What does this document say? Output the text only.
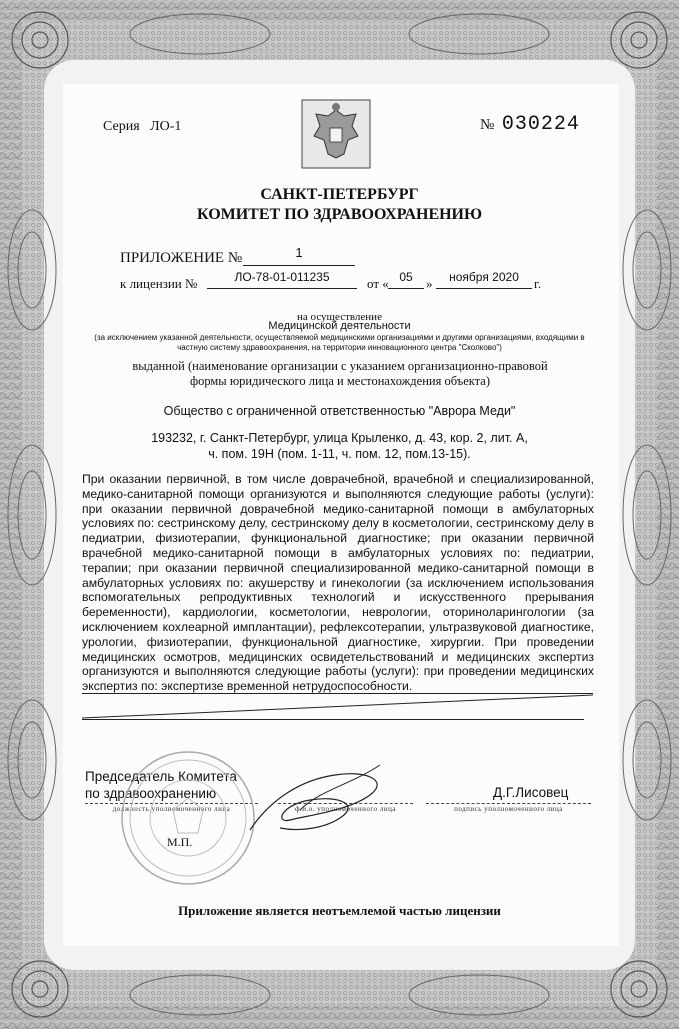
Серия ЛО-1	№ 030224
САНКТ-ПЕТЕРБУРГ
КОМИТЕТ ПО ЗДРАВООХРАНЕНИЮ
ПРИЛОЖЕНИЕ №	1
к лицензии №	ЛО-78-01-011235	от « 05	»	ноября 2020	г.
на осуществление
Медицинской деятельности
(за исключением указанной деятельности, осуществляемой медицинскими организациями и другими организациями, входящими в частную систему здравоохранения, на территории инновационного центра "Сколково")
выданной (наименование организации с указанием организационно-правовой формы юридического лица и местонахождения объекта)
Общество с ограниченной ответственностью "Аврора Меди"
193232, г. Санкт-Петербург, улица Крыленко, д. 43, кор. 2, лит. А,
ч. пом. 19Н (пом. 1-11, ч. пом. 12, пом.13-15).
При оказании первичной, в том числе доврачебной, врачебной и специализированной, медико-санитарной помощи организуются и выполняются следующие работы (услуги): при оказании первичной доврачебной медико-санитарной помощи в амбулаторных условиях по: сестринскому делу, сестринскому делу в косметологии, сестринскому делу в педиатрии, физиотерапии, функциональной диагностике; при оказании первичной врачебной медико-санитарной помощи в амбулаторных условиях по: педиатрии, терапии; при оказании первичной специализированной медико-санитарной помощи в амбулаторных условиях по: акушерству и гинекологии (за исключением использования вспомогательных репродуктивных технологий и искусственного прерывания беременности), кардиологии, косметологии, неврологии, оториноларингологии (за исключением кохлеарной имплантации), рефлексотерапии, ультразвуковой диагностике, урологии, физиотерапии, функциональной диагностике, хирургии. При проведении медицинских осмотров, медицинских освидетельствований и медицинских экспертиз организуются и выполняются следующие работы (услуги): при проведении медицинских экспертиз по: экспертизе временной нетрудоспособности.
Председатель Комитета
по здравоохранению	Д.Г.Лисовец
должность уполномоченного лица	ф.и.о. уполномоченного лица	подпись уполномоченного лица
М.П.
Приложение является неотъемлемой частью лицензии
